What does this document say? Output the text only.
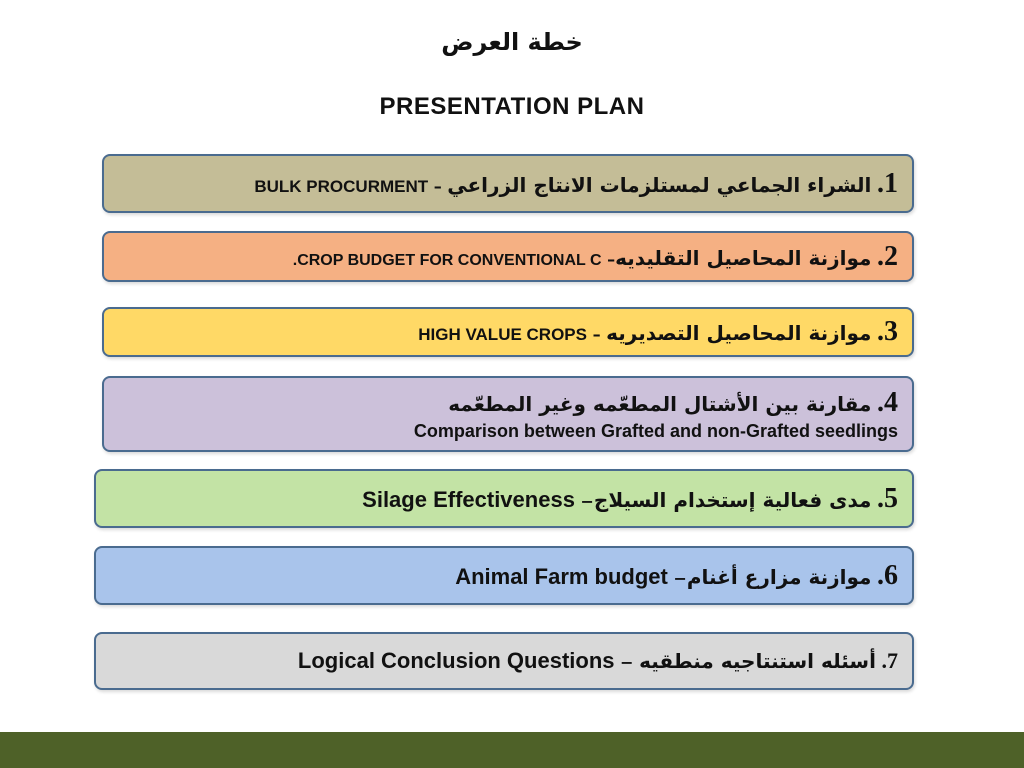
خطة العرض
PRESENTATION PLAN
1. الشراء الجماعي لمستلزمات الانتاج الزراعي – BULK PROCURMENT
2. موازنة المحاصيل التقليديه– CROP BUDGET FOR CONVENTIONAL C.
3. موازنة المحاصيل التصديريه – HIGH VALUE CROPS
4. مقارنة بين الأشتال المطعّمه وغير المطعّمه
Comparison between Grafted and non-Grafted seedlings
5. مدى فعالية إستخدام السيلاج− Silage Effectiveness
6. موازنة مزارع أغنام− Animal Farm budget
7. أسئله استنتاجيه منطقيه − Logical Conclusion Questions
